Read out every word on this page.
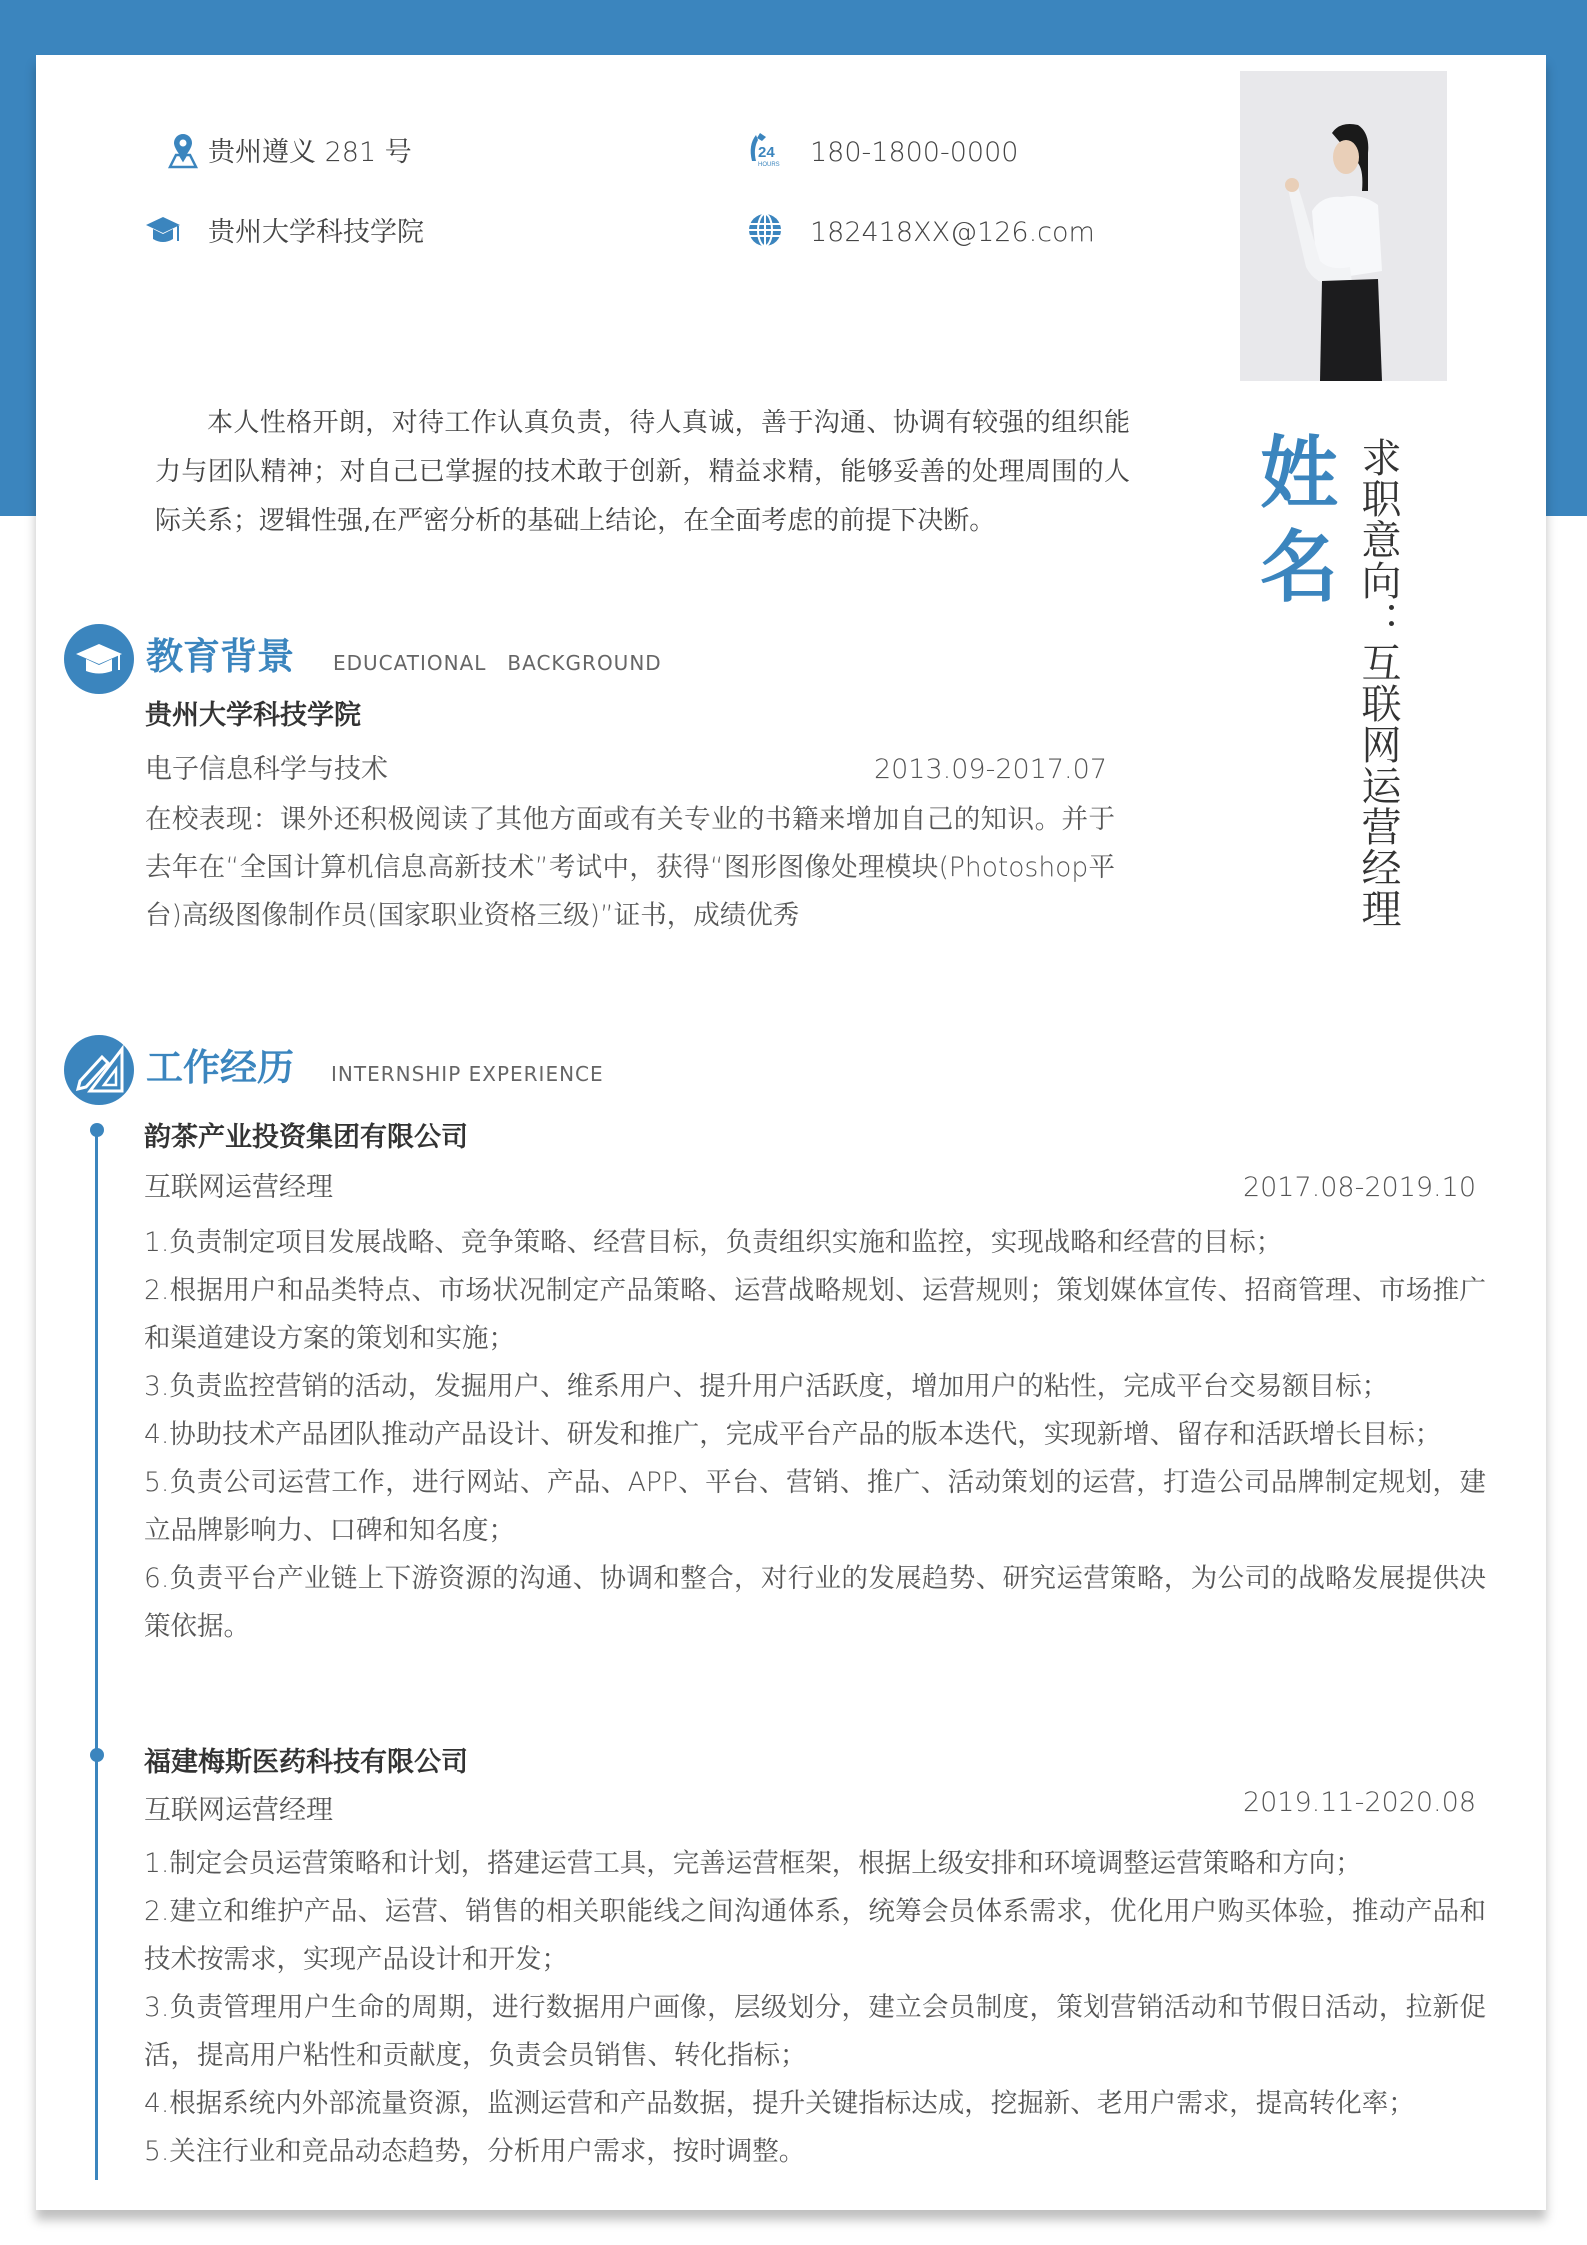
贵州遵义 281 号
贵州大学科技学院
24
HOURS 180-1800-0000
182418XX@126.com

本人性格开朗，对待工作认真负责，待人真诚，善于沟通、协调有较强的组织能力与团队精神；对自己已掌握的技术敢于创新，精益求精，能够妥善的处理周围的人际关系；逻辑性强,在严密分析的基础上结论，在全面考虑的前提下决断。

姓
名 求职意向：互联网运营经理
教育背景 EDUCATIONAL　BACKGROUND
贵州大学科技学院
电子信息科学与技术	2013.09-2017.07
在校表现：课外还积极阅读了其他方面或有关专业的书籍来增加自己的知识。并于去年在“全国计算机信息高新技术”考试中，获得“图形图像处理模块(Photoshop平台)高级图像制作员(国家职业资格三级)”证书，成绩优秀
工作经历 INTERNSHIP EXPERIENCE
韵茶产业投资集团有限公司
互联网运营经理	2017.08-2019.10
1.负责制定项目发展战略、竞争策略、经营目标，负责组织实施和监控，实现战略和经营的目标；
2.根据用户和品类特点、市场状况制定产品策略、运营战略规划、运营规则；策划媒体宣传、招商管理、市场推广和渠道建设方案的策划和实施；
3.负责监控营销的活动，发掘用户、维系用户、提升用户活跃度，增加用户的粘性，完成平台交易额目标；
4.协助技术产品团队推动产品设计、研发和推广，完成平台产品的版本迭代，实现新增、留存和活跃增长目标；
5.负责公司运营工作，进行网站、产品、APP、平台、营销、推广、活动策划的运营，打造公司品牌制定规划，建立品牌影响力、口碑和知名度；
6.负责平台产业链上下游资源的沟通、协调和整合，对行业的发展趋势、研究运营策略，为公司的战略发展提供决策依据。
福建梅斯医药科技有限公司
互联网运营经理	2019.11-2020.08
1.制定会员运营策略和计划，搭建运营工具，完善运营框架，根据上级安排和环境调整运营策略和方向；
2.建立和维护产品、运营、销售的相关职能线之间沟通体系，统筹会员体系需求，优化用户购买体验，推动产品和技术按需求，实现产品设计和开发；
3.负责管理用户生命的周期，进行数据用户画像，层级划分，建立会员制度，策划营销活动和节假日活动，拉新促活，提高用户粘性和贡献度，负责会员销售、转化指标；
4.根据系统内外部流量资源，监测运营和产品数据，提升关键指标达成，挖掘新、老用户需求，提高转化率；
5.关注行业和竞品动态趋势，分析用户需求，按时调整。
